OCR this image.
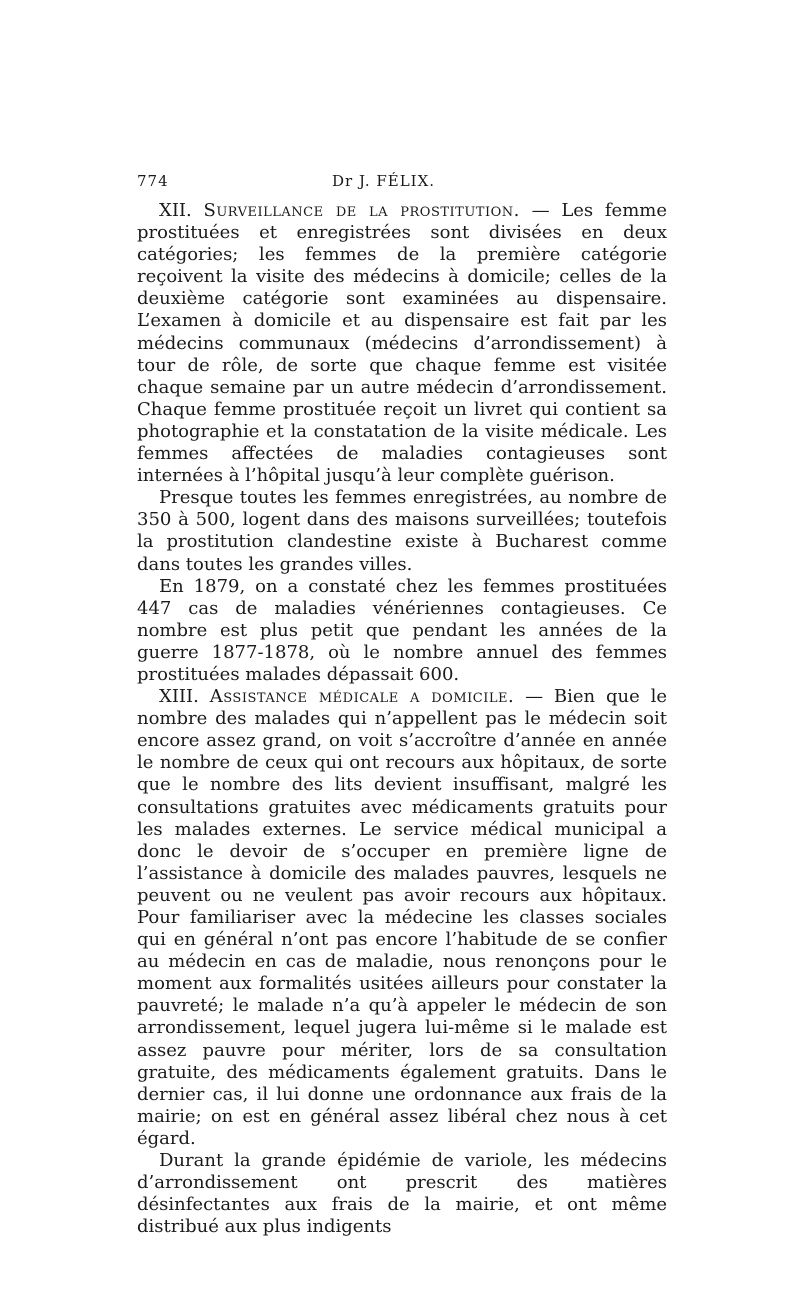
774	Dr J. FÉLIX.

XII. Surveillance de la prostitution. — Les femme prostituées et enregistrées sont divisées en deux catégories; les femmes de la première catégorie reçoivent la visite des médecins à domicile; celles de la deuxième catégorie sont examinées au dispensaire. L’examen à domicile et au dispensaire est fait par les médecins communaux (médecins d’arrondissement) à tour de rôle, de sorte que chaque femme est visitée chaque semaine par un autre médecin d’arrondissement. Chaque femme prostituée reçoit un livret qui contient sa photographie et la constatation de la visite médicale. Les femmes affectées de maladies contagieuses sont internées à l’hôpital jusqu’à leur complète guérison.

Presque toutes les femmes enregistrées, au nombre de 350 à 500, logent dans des maisons surveillées; toutefois la prostitution clandestine existe à Bucharest comme dans toutes les grandes villes.

En 1879, on a constaté chez les femmes prostituées 447 cas de maladies vénériennes contagieuses. Ce nombre est plus petit que pendant les années de la guerre 1877-1878, où le nombre annuel des femmes prostituées malades dépassait 600.

XIII. Assistance médicale a domicile. — Bien que le nombre des malades qui n’appellent pas le médecin soit encore assez grand, on voit s’accroître d’année en année le nombre de ceux qui ont recours aux hôpitaux, de sorte que le nombre des lits devient insuffisant, malgré les consultations gratuites avec médicaments gratuits pour les malades externes. Le service médical municipal a donc le devoir de s’occuper en première ligne de l’assistance à domicile des malades pauvres, lesquels ne peuvent ou ne veulent pas avoir recours aux hôpitaux. Pour familiariser avec la médecine les classes sociales qui en général n’ont pas encore l’habitude de se confier au médecin en cas de maladie, nous renonçons pour le moment aux formalités usitées ailleurs pour constater la pauvreté; le malade n’a qu’à appeler le médecin de son arrondissement, lequel jugera lui-même si le malade est assez pauvre pour mériter, lors de sa consultation gratuite, des médicaments également gratuits. Dans le dernier cas, il lui donne une ordonnance aux frais de la mairie; on est en général assez libéral chez nous à cet égard.

Durant la grande épidémie de variole, les médecins d’arrondissement ont prescrit des matières désinfectantes aux frais de la mairie, et ont même distribué aux plus indigents
